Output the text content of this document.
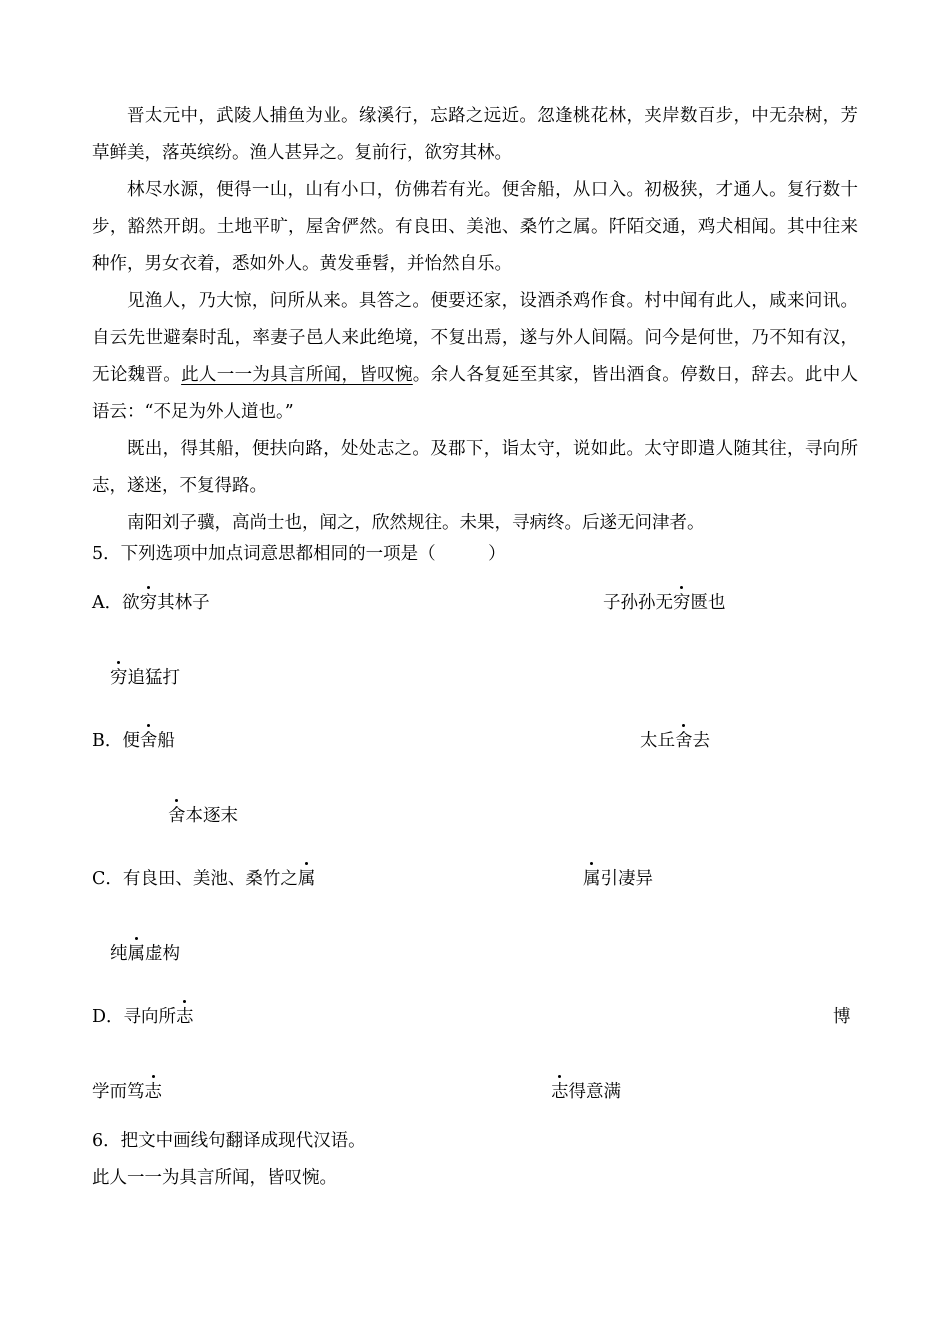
晋太元中，武陵人捕鱼为业。缘溪行，忘路之远近。忽逢桃花林，夹岸数百步，中无杂树，芳草鲜美，落英缤纷。渔人甚异之。复前行，欲穷其林。

林尽水源，便得一山，山有小口，仿佛若有光。便舍船，从口入。初极狭，才通人。复行数十步，豁然开朗。土地平旷，屋舍俨然。有良田、美池、桑竹之属。阡陌交通，鸡犬相闻。其中往来种作，男女衣着，悉如外人。黄发垂髫，并怡然自乐。

见渔人，乃大惊，问所从来。具答之。便要还家，设酒杀鸡作食。村中闻有此人，咸来问讯。自云先世避秦时乱，率妻子邑人来此绝境，不复出焉，遂与外人间隔。问今是何世，乃不知有汉，无论魏晋。此人一一为具言所闻，皆叹惋。余人各复延至其家，皆出酒食。停数日，辞去。此中人语云：“不足为外人道也。”

既出，得其船，便扶向路，处处志之。及郡下，诣太守，说如此。太守即遣人随其往，寻向所志，遂迷，不复得路。

南阳刘子骥，高尚士也，闻之，欣然规往。未果，寻病终。后遂无问津者。

5．下列选项中加点词意思都相同的一项是（　　　）
A．欲穷其林子	子孙孙无穷匮也
穷追猛打
B．便舍船	太丘舍去
舍本逐末
C．有良田、美池、桑竹之属	属引凄异
纯属虚构
D．寻向所志	博
学而笃志	志得意满
6．把文中画线句翻译成现代汉语。
此人一一为具言所闻，皆叹惋。
